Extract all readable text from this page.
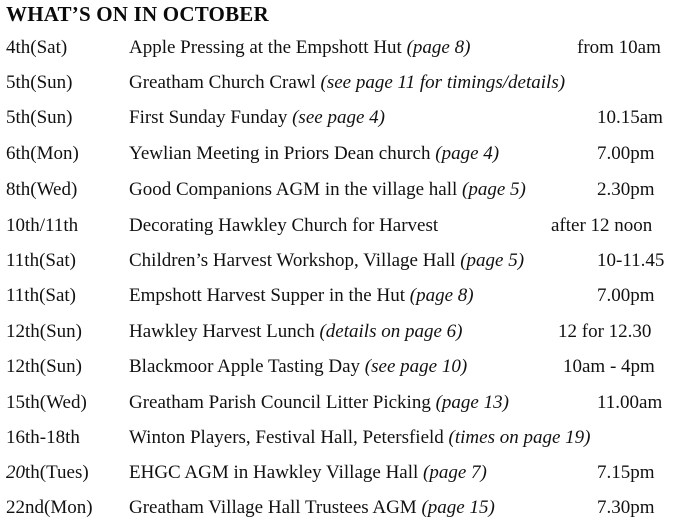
WHAT’S ON IN OCTOBER
4th(Sat)	Apple Pressing at the Empshott Hut (page 8)	from 10am
5th(Sun)	Greatham Church Crawl (see page 11 for timings/details)
5th(Sun)	First Sunday Funday (see page 4)	10.15am
6th(Mon)	Yewlian Meeting in Priors Dean church (page 4)	7.00pm
8th(Wed)	Good Companions AGM in the village hall (page 5)	2.30pm
10th/11th	Decorating Hawkley Church for Harvest	after 12 noon
11th(Sat)	Children’s Harvest Workshop, Village Hall (page 5)	10-11.45
11th(Sat)	Empshott Harvest Supper in the Hut (page 8)	7.00pm
12th(Sun) Hawkley Harvest Lunch (details on page 6)	12 for 12.30
12th(Sun) Blackmoor Apple Tasting Day (see page 10)	10am - 4pm
15th(Wed) Greatham Parish Council Litter Picking (page 13)	11.00am
16th-18th	Winton Players, Festival Hall, Petersfield (times on page 19)
20th(Tues) EHGC AGM in Hawkley Village Hall (page 7)	7.15pm
22nd(Mon) Greatham Village Hall Trustees AGM (page 15)	7.30pm
